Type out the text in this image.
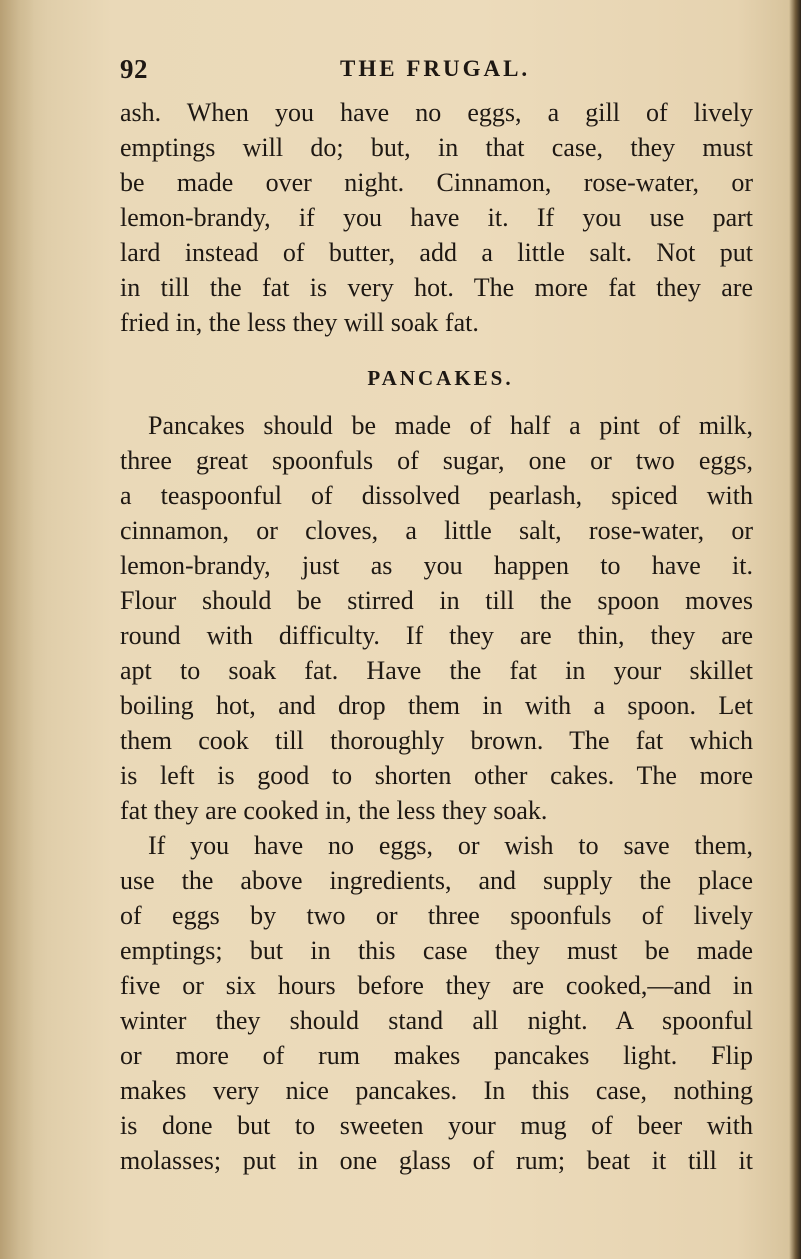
92	THE FRUGAL.
ash. When you have no eggs, a gill of lively
emptings will do; but, in that case, they must
be made over night. Cinnamon, rose-water, or
lemon-brandy, if you have it. If you use part
lard instead of butter, add a little salt. Not put
in till the fat is very hot. The more fat they are
fried in, the less they will soak fat.
PANCAKES.
Pancakes should be made of half a pint of milk,
three great spoonfuls of sugar, one or two eggs,
a teaspoonful of dissolved pearlash, spiced with
cinnamon, or cloves, a little salt, rose-water, or
lemon-brandy, just as you happen to have it.
Flour should be stirred in till the spoon moves
round with difficulty. If they are thin, they are
apt to soak fat. Have the fat in your skillet
boiling hot, and drop them in with a spoon. Let
them cook till thoroughly brown. The fat which
is left is good to shorten other cakes. The more
fat they are cooked in, the less they soak.
If you have no eggs, or wish to save them,
use the above ingredients, and supply the place
of eggs by two or three spoonfuls of lively
emptings; but in this case they must be made
five or six hours before they are cooked,—and in
winter they should stand all night. A spoonful
or more of rum makes pancakes light. Flip
makes very nice pancakes. In this case, nothing
is done but to sweeten your mug of beer with
molasses; put in one glass of rum; beat it till it
